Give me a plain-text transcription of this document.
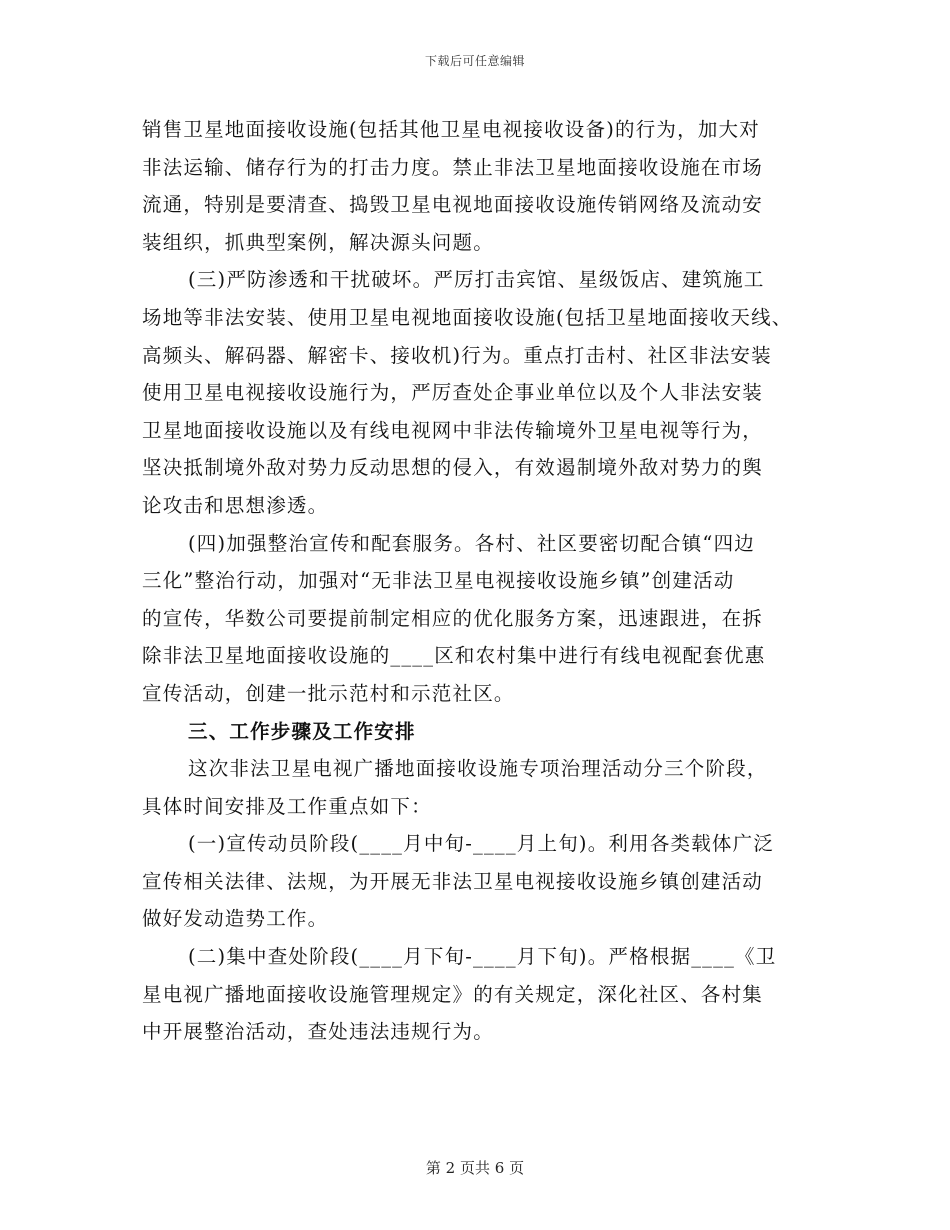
下载后可任意编辑
销售卫星地面接收设施(包括其他卫星电视接收设备)的行为，加大对
非法运输、储存行为的打击力度。禁止非法卫星地面接收设施在市场
流通，特别是要清查、捣毁卫星电视地面接收设施传销网络及流动安
装组织，抓典型案例，解决源头问题。
(三)严防渗透和干扰破坏。严厉打击宾馆、星级饭店、建筑施工
场地等非法安装、使用卫星电视地面接收设施(包括卫星地面接收天线、
高频头、解码器、解密卡、接收机)行为。重点打击村、社区非法安装
使用卫星电视接收设施行为，严厉查处企事业单位以及个人非法安装
卫星地面接收设施以及有线电视网中非法传输境外卫星电视等行为，
坚决抵制境外敌对势力反动思想的侵入，有效遏制境外敌对势力的舆
论攻击和思想渗透。
(四)加强整治宣传和配套服务。各村、社区要密切配合镇“四边
三化”整治行动，加强对“无非法卫星电视接收设施乡镇”创建活动
的宣传，华数公司要提前制定相应的优化服务方案，迅速跟进，在拆
除非法卫星地面接收设施的____区和农村集中进行有线电视配套优惠
宣传活动，创建一批示范村和示范社区。
三、工作步骤及工作安排
这次非法卫星电视广播地面接收设施专项治理活动分三个阶段，
具体时间安排及工作重点如下：
(一)宣传动员阶段(____月中旬-____月上旬)。利用各类载体广泛
宣传相关法律、法规，为开展无非法卫星电视接收设施乡镇创建活动
做好发动造势工作。
(二)集中查处阶段(____月下旬-____月下旬)。严格根据____《卫
星电视广播地面接收设施管理规定》的有关规定，深化社区、各村集
中开展整治活动，查处违法违规行为。
第 2 页共 6 页
